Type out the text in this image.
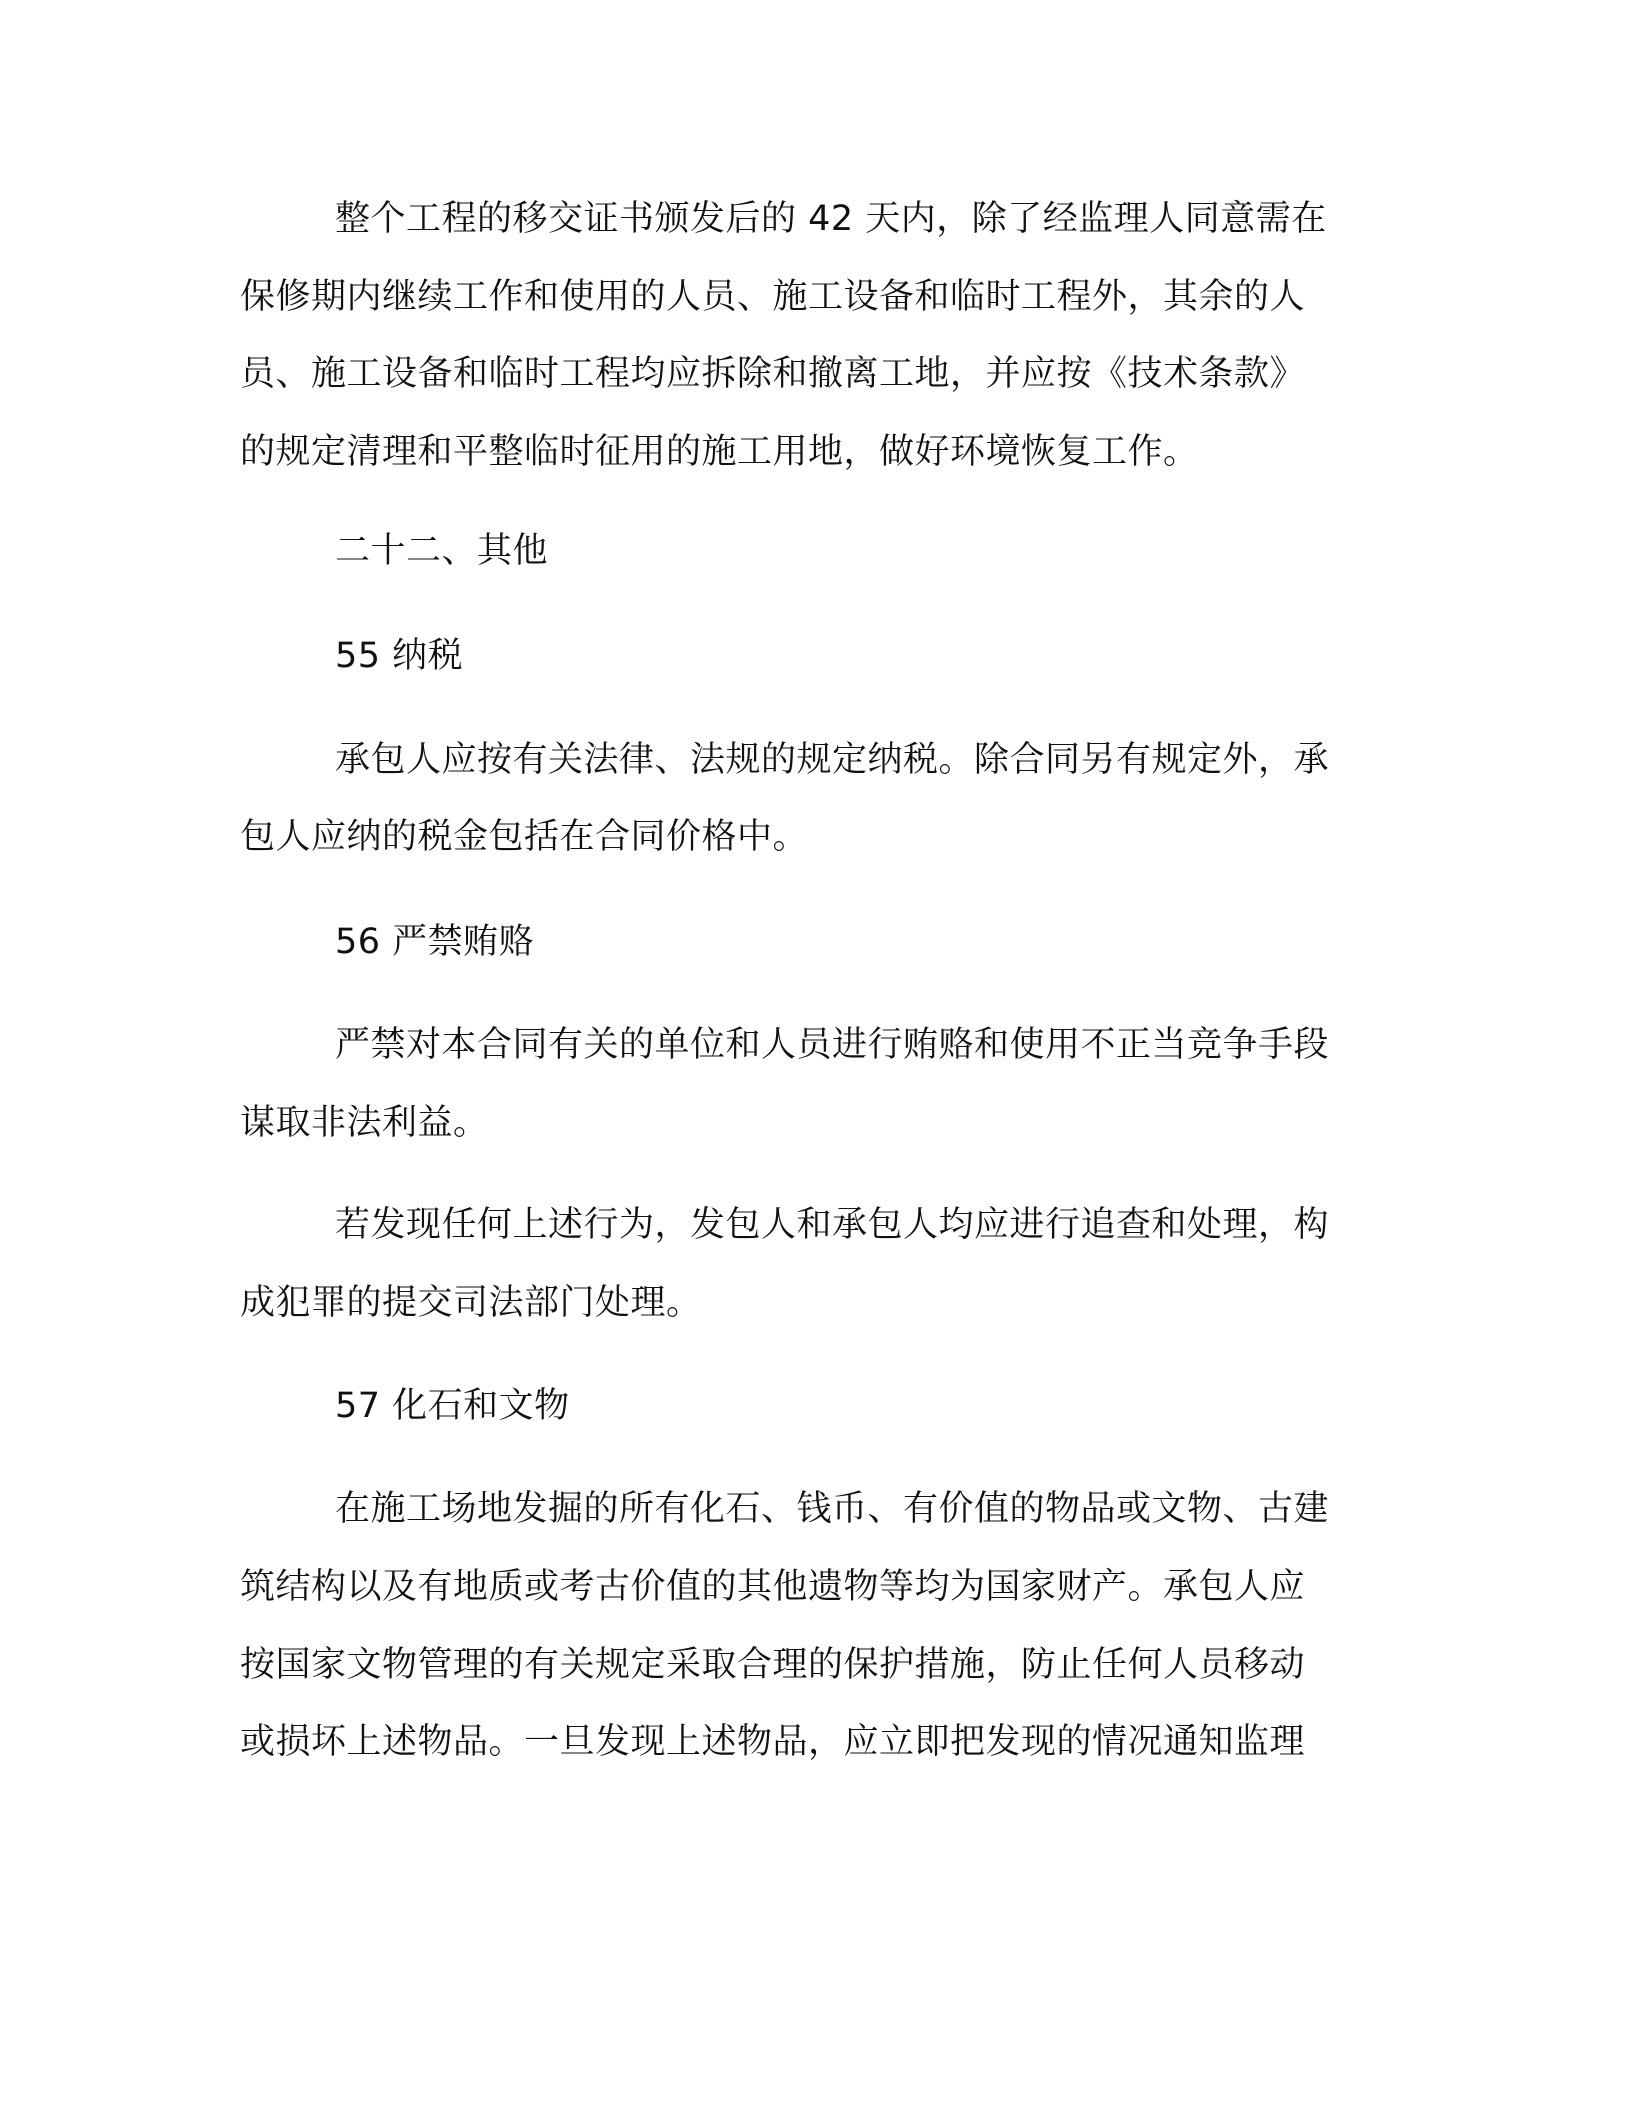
整个工程的移交证书颁发后的 42 天内，除了经监理人同意需在
保修期内继续工作和使用的人员、施工设备和临时工程外，其余的人
员、施工设备和临时工程均应拆除和撤离工地，并应按《技术条款》
的规定清理和平整临时征用的施工用地，做好环境恢复工作。
二十二、其他
55 纳税
承包人应按有关法律、法规的规定纳税。除合同另有规定外，承
包人应纳的税金包括在合同价格中。
56 严禁贿赂
严禁对本合同有关的单位和人员进行贿赂和使用不正当竞争手段
谋取非法利益。
若发现任何上述行为，发包人和承包人均应进行追查和处理，构
成犯罪的提交司法部门处理。
57 化石和文物
在施工场地发掘的所有化石、钱币、有价值的物品或文物、古建
筑结构以及有地质或考古价值的其他遗物等均为国家财产。承包人应
按国家文物管理的有关规定采取合理的保护措施，防止任何人员移动
或损坏上述物品。一旦发现上述物品，应立即把发现的情况通知监理
